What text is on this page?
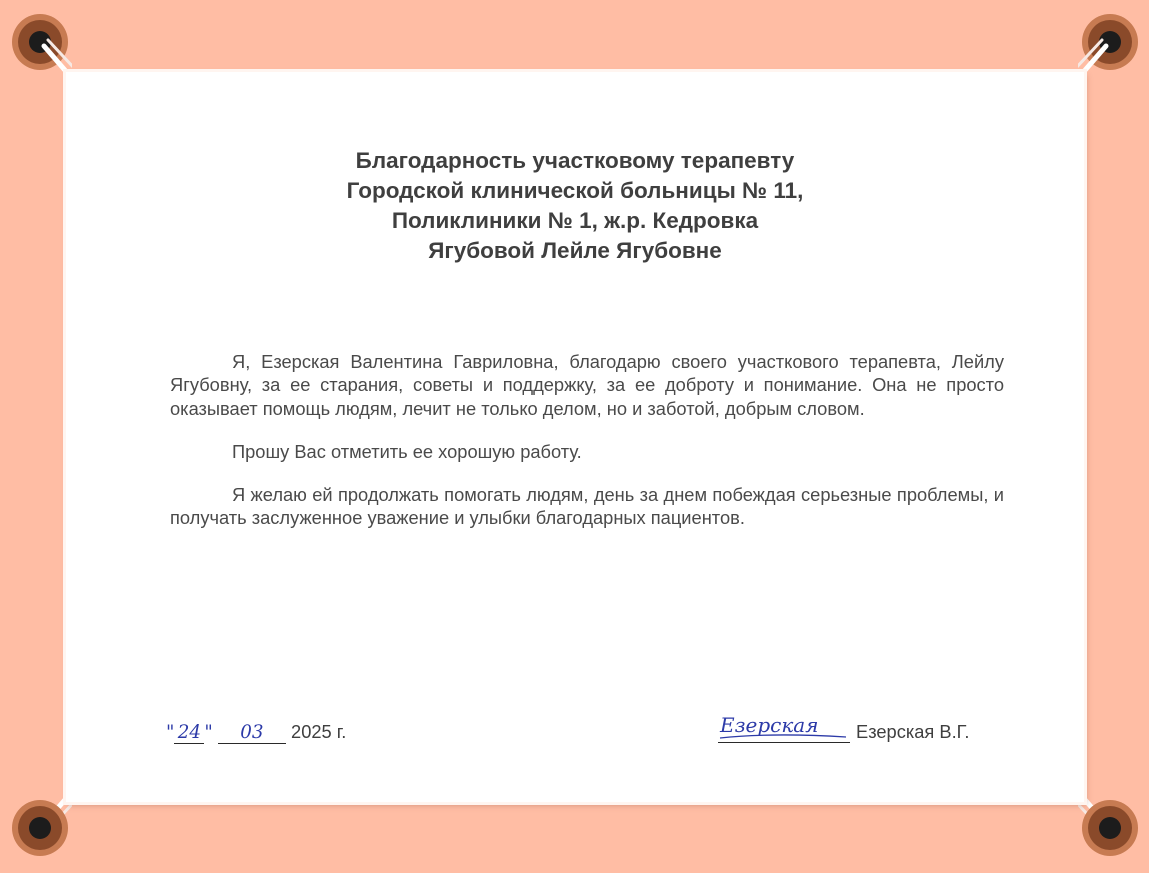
Благодарность участковому терапевту
Городской клинической больницы № 11,
Поликлиники № 1, ж.р. Кедровка
Ягубовой Лейле Ягубовне

Я, Езерская Валентина Гавриловна, благодарю своего участкового терапевта, Лейлу Ягубовну, за ее старания, советы и поддержку, за ее доброту и понимание. Она не просто оказывает помощь людям, лечит не только делом, но и заботой, добрым словом.

Прошу Вас отметить ее хорошую работу.

Я желаю ей продолжать помогать людям, день за днем побеждая серьезные проблемы, и получать заслуженное уважение и улыбки благодарных пациентов.

" 24 " 03 2025 г.	Езерская Езерская В.Г.
